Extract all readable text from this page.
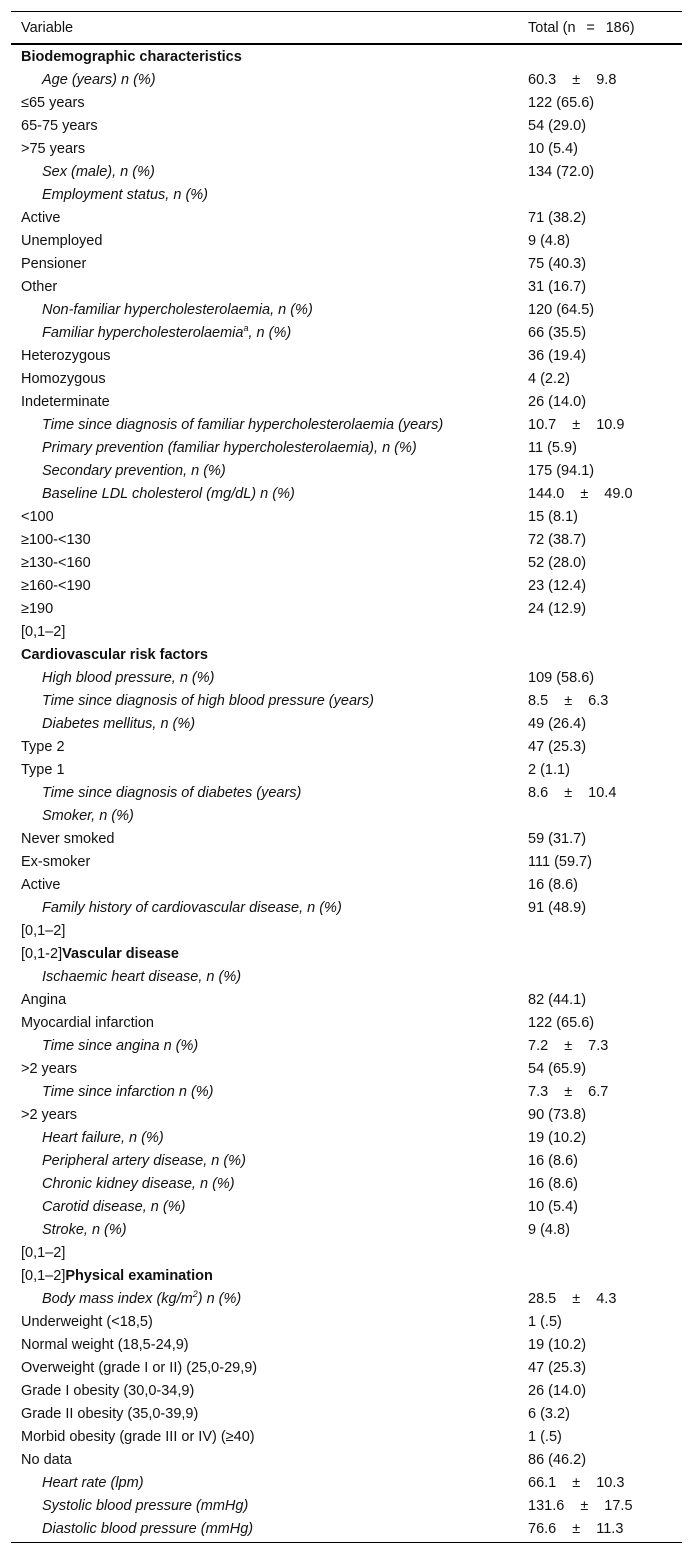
Variable	Total (n = 186)
Biodemographic characteristics
Age (years) n (%)	60.3 ± 9.8
≤65 years	122 (65.6)
65-75 years	54 (29.0)
>75 years	10 (5.4)
Sex (male), n (%)	134 (72.0)
Employment status, n (%)
Active	71 (38.2)
Unemployed	9 (4.8)
Pensioner	75 (40.3)
Other	31 (16.7)
Non-familiar hypercholesterolaemia, n (%)	120 (64.5)
Familiar hypercholesterolaemia$^a$, n (%)	66 (35.5)
Heterozygous	36 (19.4)
Homozygous	4 (2.2)
Indeterminate	26 (14.0)
Time since diagnosis of familiar hypercholesterolaemia (years)	10.7 ± 10.9
Primary prevention (familiar hypercholesterolaemia), n (%)	11 (5.9)
Secondary prevention, n (%)	175 (94.1)
Baseline LDL cholesterol (mg/dL) n (%)	144.0 ± 49.0
<100	15 (8.1)
≥100-<130	72 (38.7)
≥130-<160	52 (28.0)
≥160-<190	23 (12.4)
≥190	24 (12.9)
[0,1–2]
Cardiovascular risk factors
High blood pressure, n (%)	109 (58.6)
Time since diagnosis of high blood pressure (years)	8.5 ± 6.3
Diabetes mellitus, n (%)	49 (26.4)
Type 2	47 (25.3)
Type 1	2 (1.1)
Time since diagnosis of diabetes (years)	8.6 ± 10.4
Smoker, n (%)
Never smoked	59 (31.7)
Ex-smoker	111 (59.7)
Active	16 (8.6)
Family history of cardiovascular disease, n (%)	91 (48.9)
[0,1–2]
[0,1-2]Vascular disease
Ischaemic heart disease, n (%)
Angina	82 (44.1)
Myocardial infarction	122 (65.6)
Time since angina n (%)	7.2 ± 7.3
>2 years	54 (65.9)
Time since infarction n (%)	7.3 ± 6.7
>2 years	90 (73.8)
Heart failure, n (%)	19 (10.2)
Peripheral artery disease, n (%)	16 (8.6)
Chronic kidney disease, n (%)	16 (8.6)
Carotid disease, n (%)	10 (5.4)
Stroke, n (%)	9 (4.8)
[0,1–2]
[0,1–2]Physical examination
Body mass index $(kg/m^2)$ n (%)	28.5 ± 4.3
Underweight (<18,5)	1 (.5)
Normal weight (18,5-24,9)	19 (10.2)
Overweight (grade I or II) (25,0-29,9)	47 (25.3)
Grade I obesity (30,0-34,9)	26 (14.0)
Grade II obesity (35,0-39,9)	6 (3.2)
Morbid obesity (grade III or IV) (≥40)	1 (.5)
No data	86 (46.2)
Heart rate (lpm)	66.1 ± 10.3
Systolic blood pressure (mmHg)	131.6 ± 17.5
Diastolic blood pressure (mmHg)	76.6 ± 11.3
